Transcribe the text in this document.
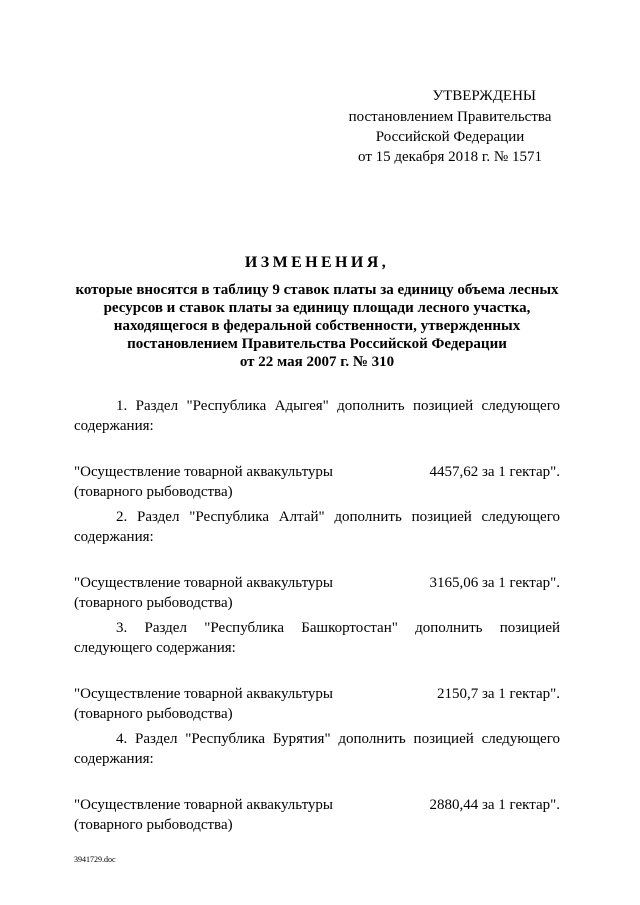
УТВЕРЖДЕНЫ
постановлением Правительства
Российской Федерации
от 15 декабря 2018 г. № 1571
ИЗМЕНЕНИЯ,
которые вносятся в таблицу 9 ставок платы за единицу объема лесных
ресурсов и ставок платы за единицу площади лесного участка,
находящегося в федеральной собственности, утвержденных
постановлением Правительства Российской Федерации
от 22 мая 2007 г. № 310
1. Раздел "Республика Адыгея" дополнить позицией следующего содержания:
"Осуществление товарной аквакультуры
(товарного рыбоводства)
4457,62 за 1 гектар".
2. Раздел "Республика Алтай" дополнить позицией следующего содержания:
"Осуществление товарной аквакультуры
(товарного рыбоводства)
3165,06 за 1 гектар".
3. Раздел "Республика Башкортостан" дополнить позицией следующего содержания:
"Осуществление товарной аквакультуры
(товарного рыбоводства)
2150,7 за 1 гектар".
4. Раздел "Республика Бурятия" дополнить позицией следующего содержания:
"Осуществление товарной аквакультуры
(товарного рыбоводства)
2880,44 за 1 гектар".
3941729.doc
